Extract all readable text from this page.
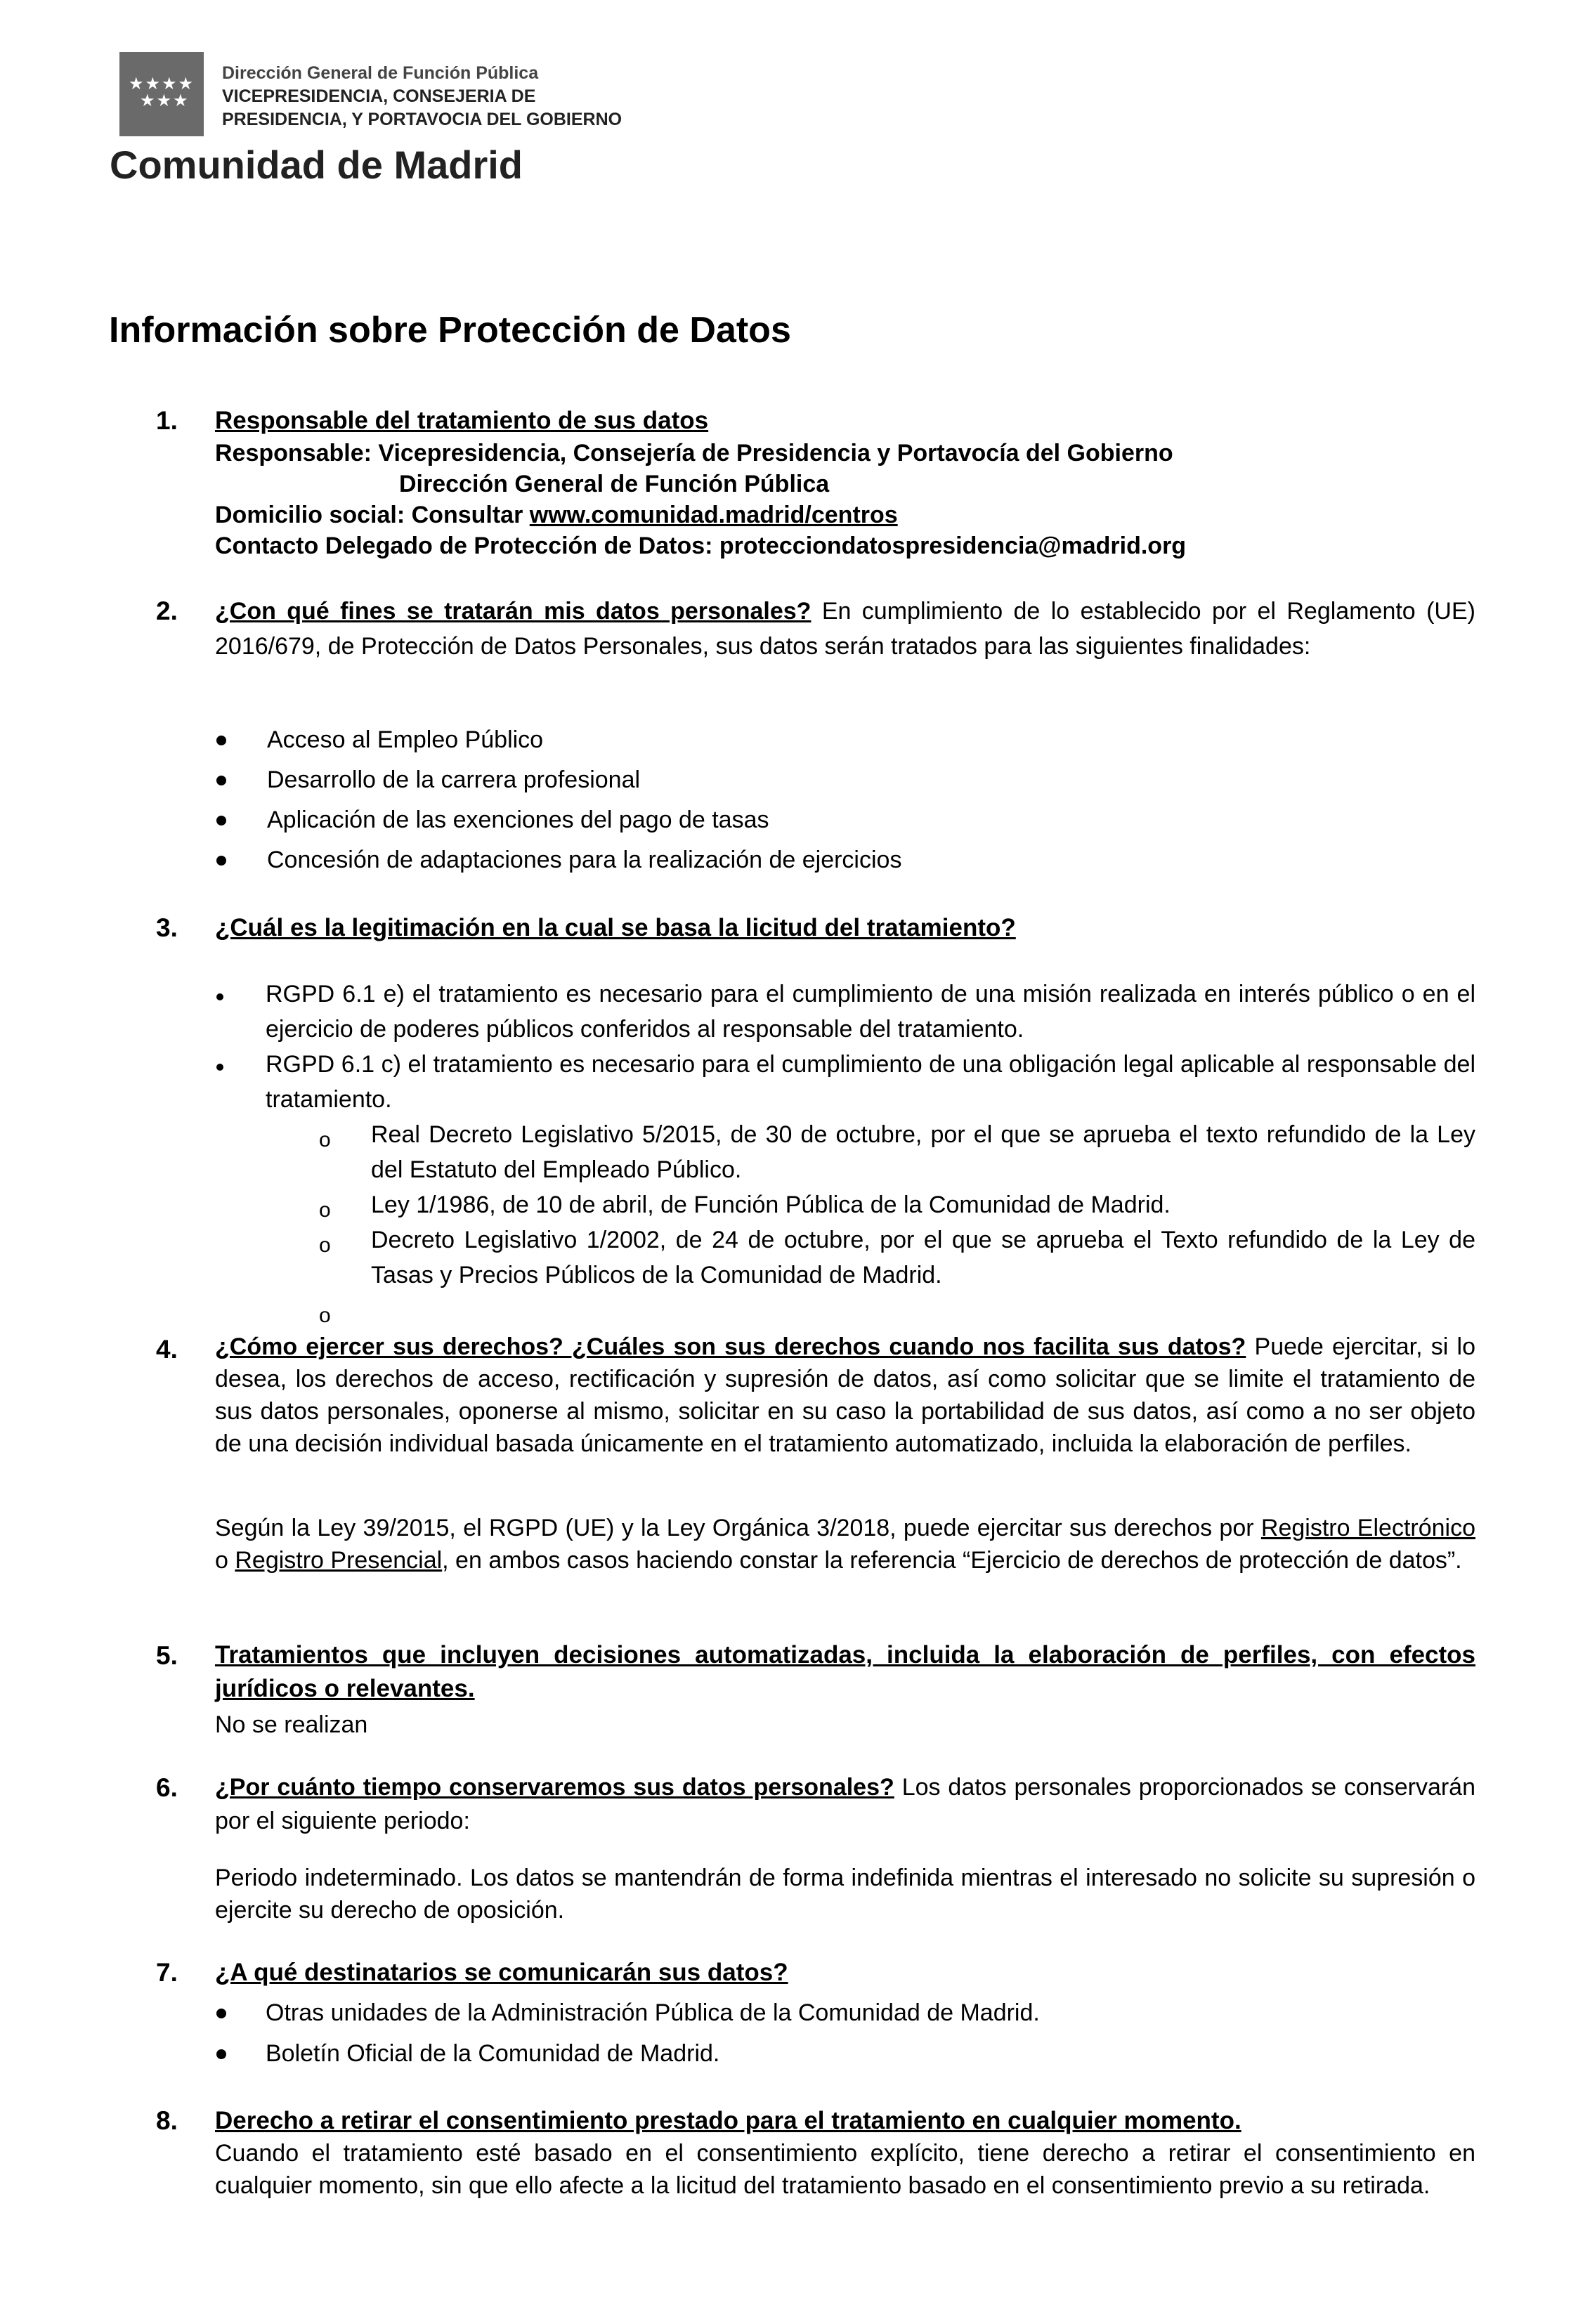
★★★★
★★★
Dirección General de Función Pública
VICEPRESIDENCIA, CONSEJERIA DE
PRESIDENCIA, Y PORTAVOCIA DEL GOBIERNO
Comunidad de Madrid
Información sobre Protección de Datos
1. Responsable del tratamiento de sus datos
Responsable: Vicepresidencia, Consejería de Presidencia y Portavocía del Gobierno
Dirección General de Función Pública
Domicilio social: Consultar www.comunidad.madrid/centros
Contacto Delegado de Protección de Datos: protecciondatospresidencia@madrid.org
2. ¿Con qué fines se tratarán mis datos personales? En cumplimiento de lo establecido por el Reglamento (UE) 2016/679, de Protección de Datos Personales, sus datos serán tratados para las siguientes finalidades:
Acceso al Empleo Público
Desarrollo de la carrera profesional
Aplicación de las exenciones del pago de tasas
Concesión de adaptaciones para la realización de ejercicios
3. ¿Cuál es la legitimación en la cual se basa la licitud del tratamiento?
RGPD 6.1 e) el tratamiento es necesario para el cumplimiento de una misión realizada en interés público o en el ejercicio de poderes públicos conferidos al responsable del tratamiento.
RGPD 6.1 c) el tratamiento es necesario para el cumplimiento de una obligación legal aplicable al responsable del tratamiento.
o Real Decreto Legislativo 5/2015, de 30 de octubre, por el que se aprueba el texto refundido de la Ley del Estatuto del Empleado Público.
o Ley 1/1986, de 10 de abril, de Función Pública de la Comunidad de Madrid.
o Decreto Legislativo 1/2002, de 24 de octubre, por el que se aprueba el Texto refundido de la Ley de Tasas y Precios Públicos de la Comunidad de Madrid.
o
4. ¿Cómo ejercer sus derechos? ¿Cuáles son sus derechos cuando nos facilita sus datos? Puede ejercitar, si lo desea, los derechos de acceso, rectificación y supresión de datos, así como solicitar que se limite el tratamiento de sus datos personales, oponerse al mismo, solicitar en su caso la portabilidad de sus datos, así como a no ser objeto de una decisión individual basada únicamente en el tratamiento automatizado, incluida la elaboración de perfiles.
Según la Ley 39/2015, el RGPD (UE) y la Ley Orgánica 3/2018, puede ejercitar sus derechos por Registro Electrónico o Registro Presencial, en ambos casos haciendo constar la referencia “Ejercicio de derechos de protección de datos”.
5. Tratamientos que incluyen decisiones automatizadas, incluida la elaboración de perfiles, con efectos jurídicos o relevantes.
No se realizan
6. ¿Por cuánto tiempo conservaremos sus datos personales? Los datos personales proporcionados se conservarán por el siguiente periodo:
Periodo indeterminado. Los datos se mantendrán de forma indefinida mientras el interesado no solicite su supresión o ejercite su derecho de oposición.
7. ¿A qué destinatarios se comunicarán sus datos?
Otras unidades de la Administración Pública de la Comunidad de Madrid.
Boletín Oficial de la Comunidad de Madrid.
8. Derecho a retirar el consentimiento prestado para el tratamiento en cualquier momento.
Cuando el tratamiento esté basado en el consentimiento explícito, tiene derecho a retirar el consentimiento en cualquier momento, sin que ello afecte a la licitud del tratamiento basado en el consentimiento previo a su retirada.
